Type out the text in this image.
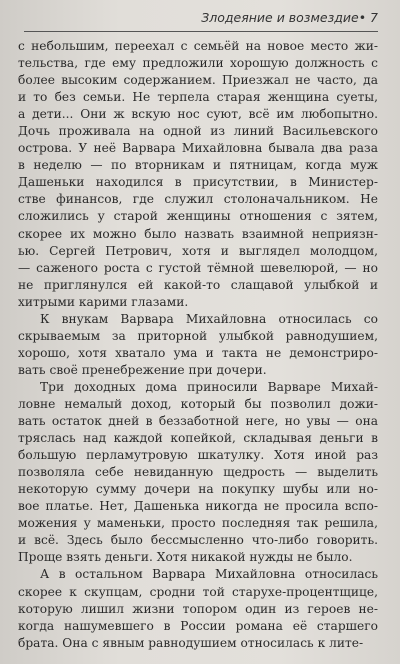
Злодеяние и возмездие• 7
с небольшим, переехал с семьёй на новое место жи-
тельства, где ему предложили хорошую должность с
более высоким содержанием. Приезжал не часто, да
и то без семьи. Не терпела старая женщина суеты,
а дети... Они ж вскую нос суют, всё им любопытно.
Дочь проживала на одной из линий Васильевского
острова. У неё Варвара Михайловна бывала два раза
в неделю — по вторникам и пятницам, когда муж
Дашеньки находился в присутствии, в Министер-
стве финансов, где служил столоначальником. Не
сложились у старой женщины отношения с зятем,
скорее их можно было назвать взаимной неприязн-
ью. Сергей Петрович, хотя и выглядел молодцом,
— саженого роста с густой тёмной шевелюрой, — но
не приглянулся ей какой-то слащавой улыбкой и
хитрыми карими глазами.
К внукам Варвара Михайловна относилась со
скрываемым за приторной улыбкой равнодушием,
хорошо, хотя хватало ума и такта не демонстриро-
вать своё пренебрежение при дочери.
Три доходных дома приносили Варваре Михай-
ловне немалый доход, который бы позволил дожи-
вать остаток дней в беззаботной неге, но увы — она
тряслась над каждой копейкой, складывая деньги в
большую перламутровую шкатулку. Хотя иной раз
позволяла себе невиданную щедрость — выделить
некоторую сумму дочери на покупку шубы или но-
вое платье. Нет, Дашенька никогда не просила вспо-
можения у маменьки, просто последняя так решила,
и всё. Здесь было бессмысленно что-либо говорить.
Проще взять деньги. Хотя никакой нужды не было.
А в остальном Варвара Михайловна относилась
скорее к скупцам, сродни той старухе-процентщице,
которую лишил жизни топором один из героев не-
когда нашумевшего в России романа её старшего
брата. Она с явным равнодушием относилась к лите-
